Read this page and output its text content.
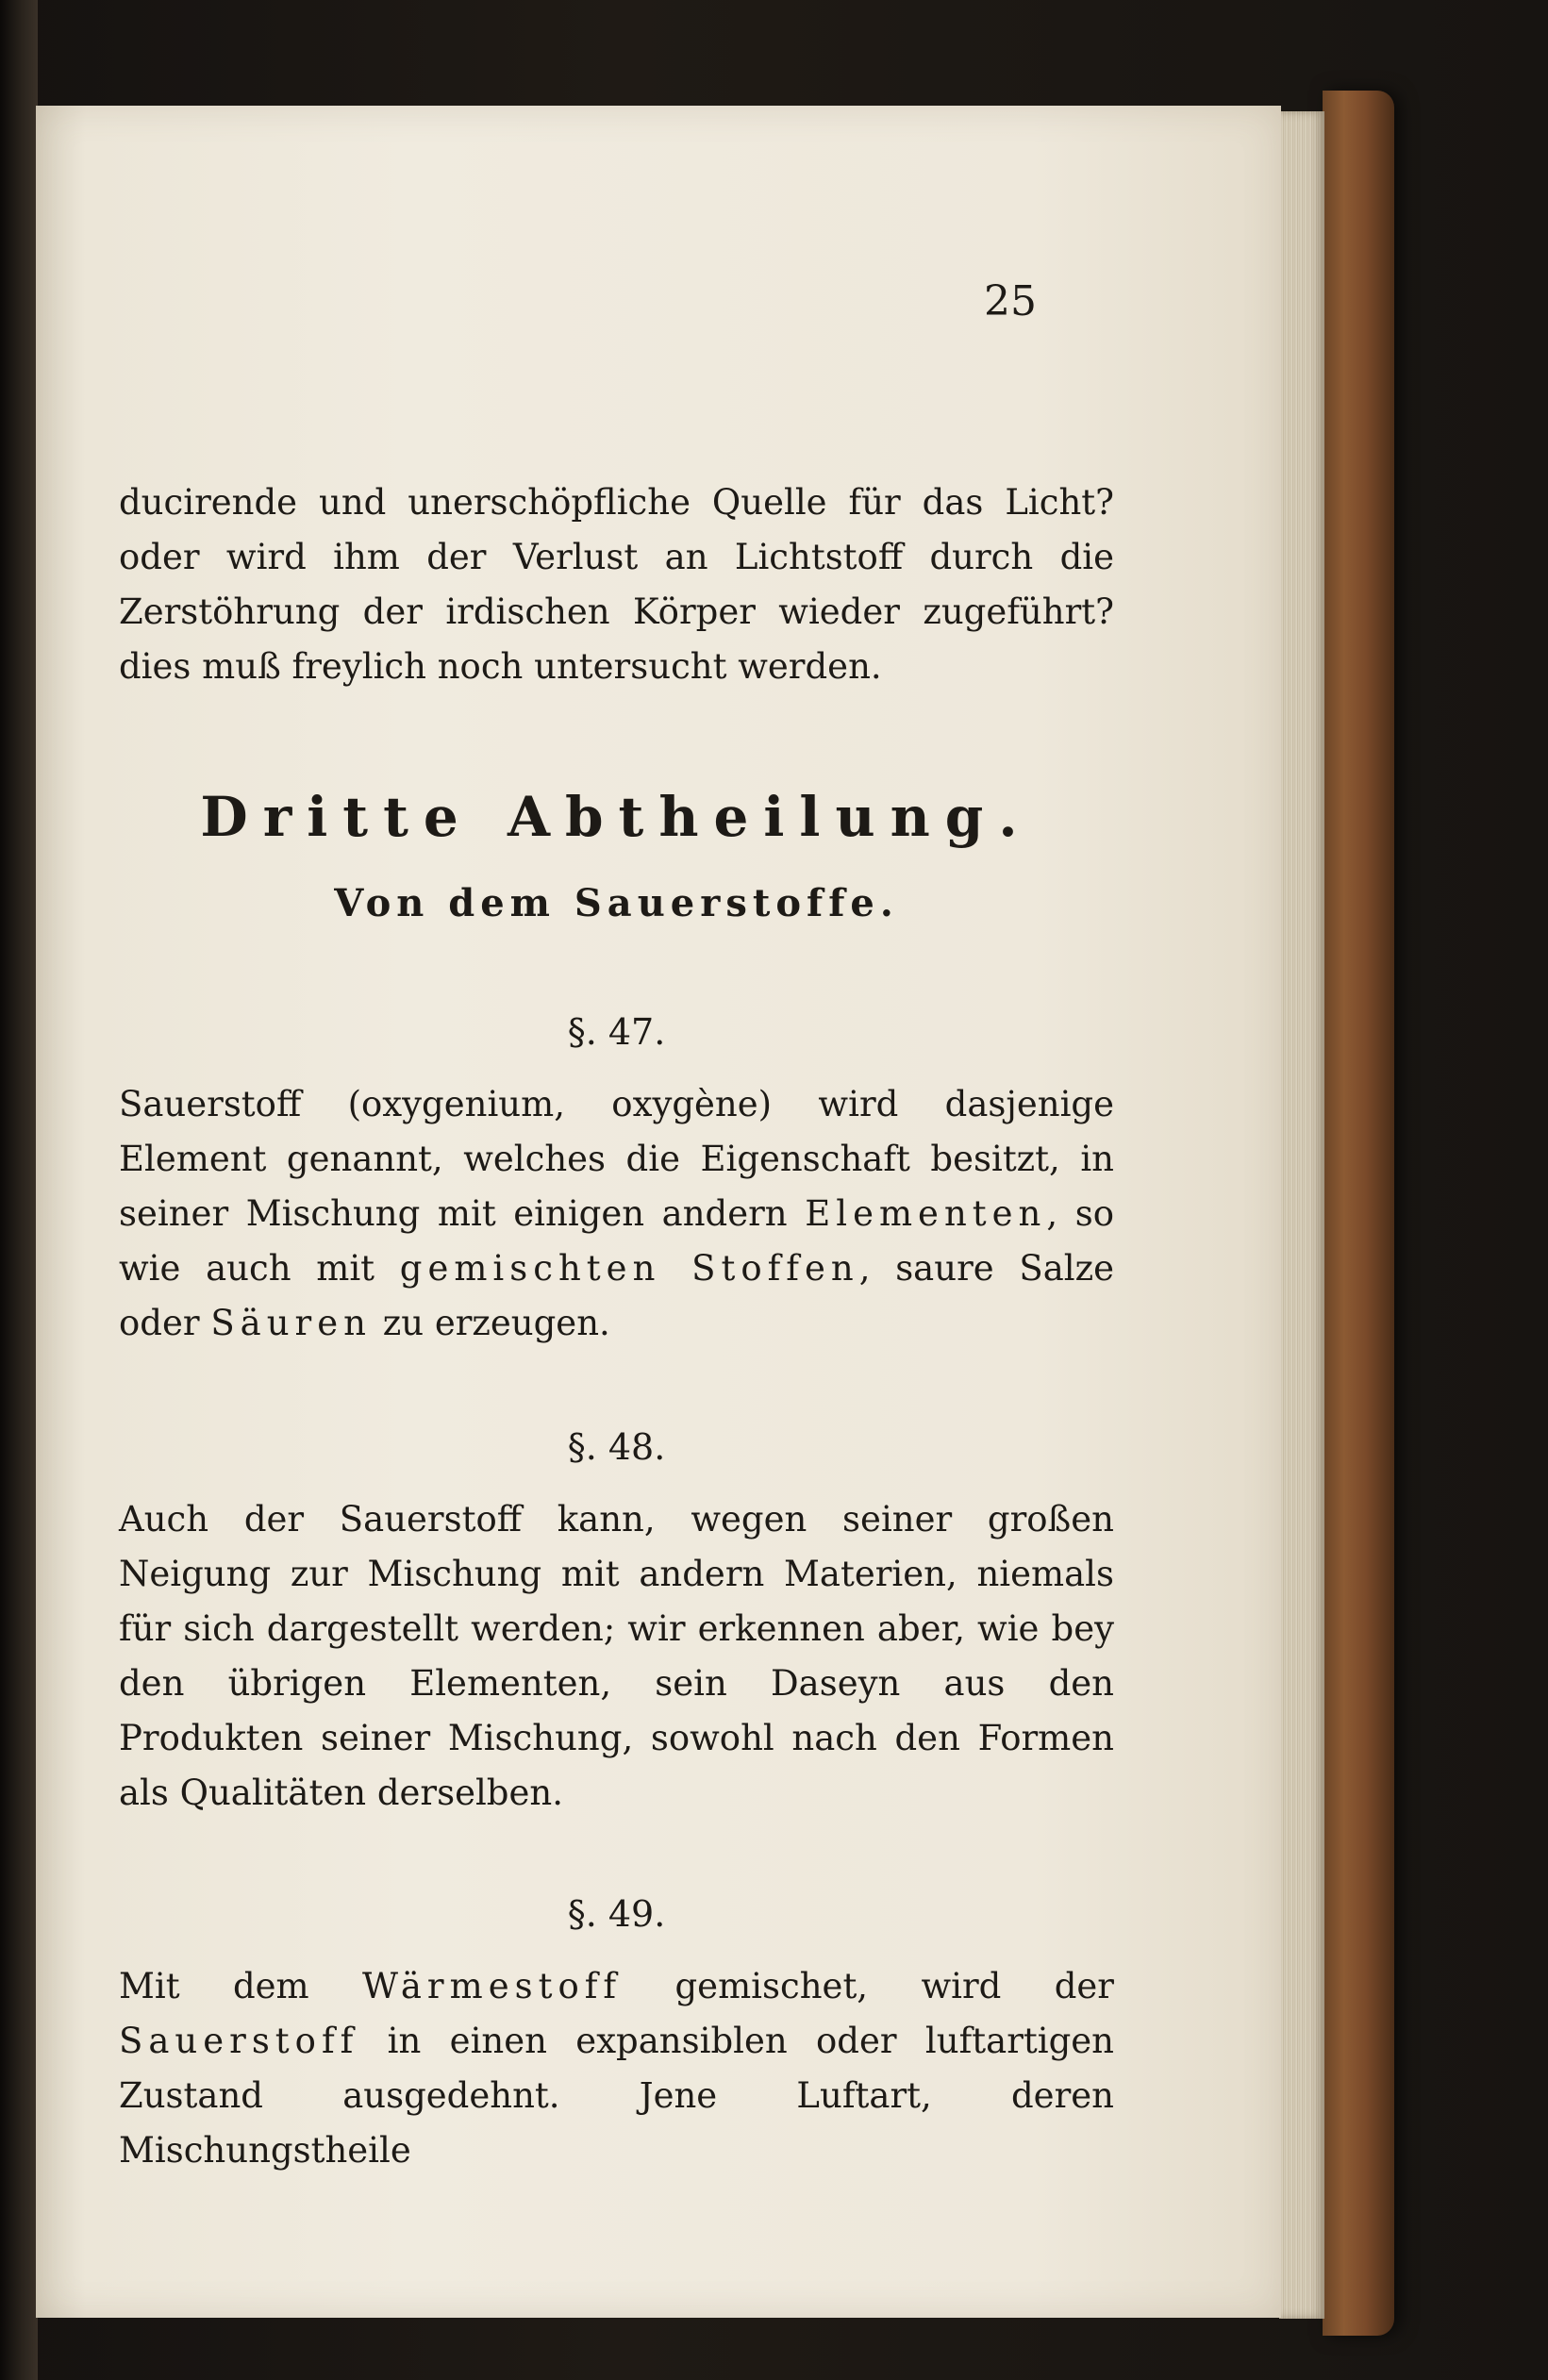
25

ducirende und unerschöpfliche Quelle für das Licht? oder wird ihm der Verlust an Lichtstoff durch die Zerstöhrung der irdischen Körper wieder zugeführt? dies muß freylich noch untersucht werden.

Dritte Abtheilung.
Von dem Sauerstoffe.

§. 47.

Sauerstoff (oxygenium, oxygène) wird dasjenige Element genannt, welches die Eigenschaft besitzt, in seiner Mischung mit einigen andern Elementen, so wie auch mit gemischten Stoffen, saure Salze oder Säuren zu erzeugen.

§. 48.

Auch der Sauerstoff kann, wegen seiner großen Neigung zur Mischung mit andern Materien, niemals für sich dargestellt werden; wir erkennen aber, wie bey den übrigen Elementen, sein Daseyn aus den Produkten seiner Mischung, sowohl nach den Formen als Qualitäten derselben.

§. 49.

Mit dem Wärmestoff gemischet, wird der Sauerstoff in einen expansiblen oder luftartigen Zustand ausgedehnt. Jene Luftart, deren Mischungstheile
